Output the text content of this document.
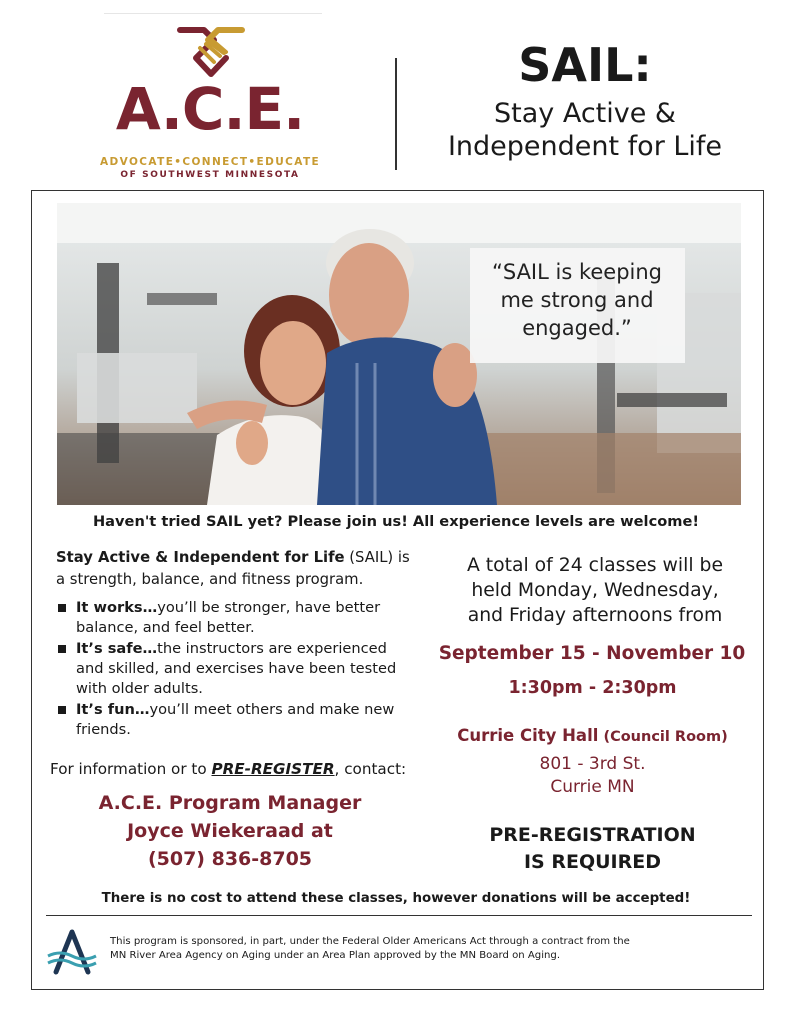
A.C.E.
ADVOCATE•CONNECT•EDUCATE
OF SOUTHWEST MINNESOTA
SAIL:
Stay Active &
Independent for Life
“SAIL is keeping
me strong and
engaged.”
Haven't tried SAIL yet? Please join us! All experience levels are welcome!
Stay Active & Independent for Life (SAIL) is
a strength, balance, and fitness program.
It works…you’ll be stronger, have better balance, and feel better.
It’s safe…the instructors are experienced and skilled, and exercises have been tested with older adults.
It’s fun…you’ll meet others and make new friends.
For information or to PRE-REGISTER, contact:
A.C.E. Program Manager
Joyce Wiekeraad at
(507) 836-8705
A total of 24 classes will be
held Monday, Wednesday,
and Friday afternoons from
September 15 - November 10
1:30pm - 2:30pm
Currie City Hall (Council Room)
801 - 3rd St.
Currie MN
PRE-REGISTRATION
IS REQUIRED
There is no cost to attend these classes, however donations will be accepted!
This program is sponsored, in part, under the Federal Older Americans Act through a contract from the
MN River Area Agency on Aging under an Area Plan approved by the MN Board on Aging.
